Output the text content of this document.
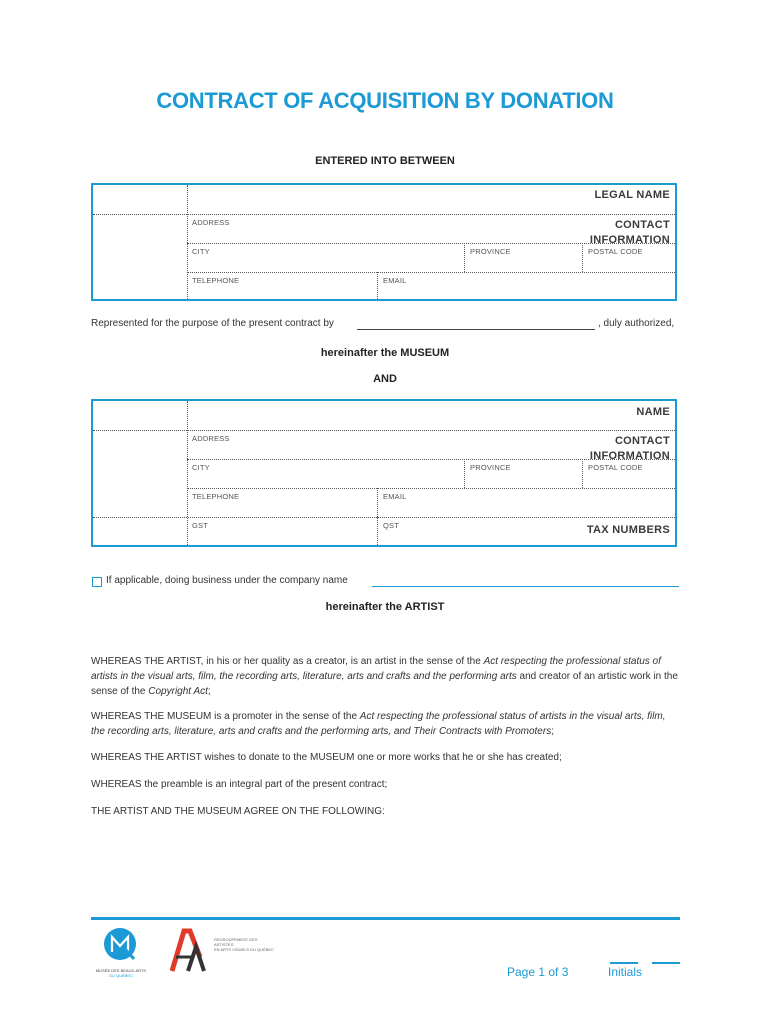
CONTRACT OF ACQUISITION BY DONATION
ENTERED INTO BETWEEN
LEGAL NAME
CONTACT
INFORMATION
ADDRESS
CITY	PROVINCE	POSTAL CODE
TELEPHONE	EMAIL
Represented for the purpose of the present contract by	, duly authorized,
hereinafter the MUSEUM
AND
NAME
CONTACT
INFORMATION
ADDRESS
CITY	PROVINCE	POSTAL CODE
TELEPHONE	EMAIL
TAX NUMBERS
GST	QST
If applicable, doing business under the company name
hereinafter the ARTIST
WHEREAS THE ARTIST, in his or her quality as a creator, is an artist in the sense of the Act respecting the professional status of artists in the visual arts, film, the recording arts, literature, arts and crafts and the performing arts and creator of an artistic work in the sense of the Copyright Act;
WHEREAS THE MUSEUM is a promoter in the sense of the Act respecting the professional status of artists in the visual arts, film, the recording arts, literature, arts and crafts and the performing arts, and Their Contracts with Promoters;
WHEREAS THE ARTIST wishes to donate to the MUSEUM one or more works that he or she has created;
WHEREAS the preamble is an integral part of the present contract;
THE ARTIST AND THE MUSEUM AGREE ON THE FOLLOWING:
MUSÉE DES BEAUX-ARTS
DU QUÉBEC
REGROUPEMENT DES ARTISTES
EN ARTS VISUELS DU QUÉBEC
Page 1 of 3	Initials
